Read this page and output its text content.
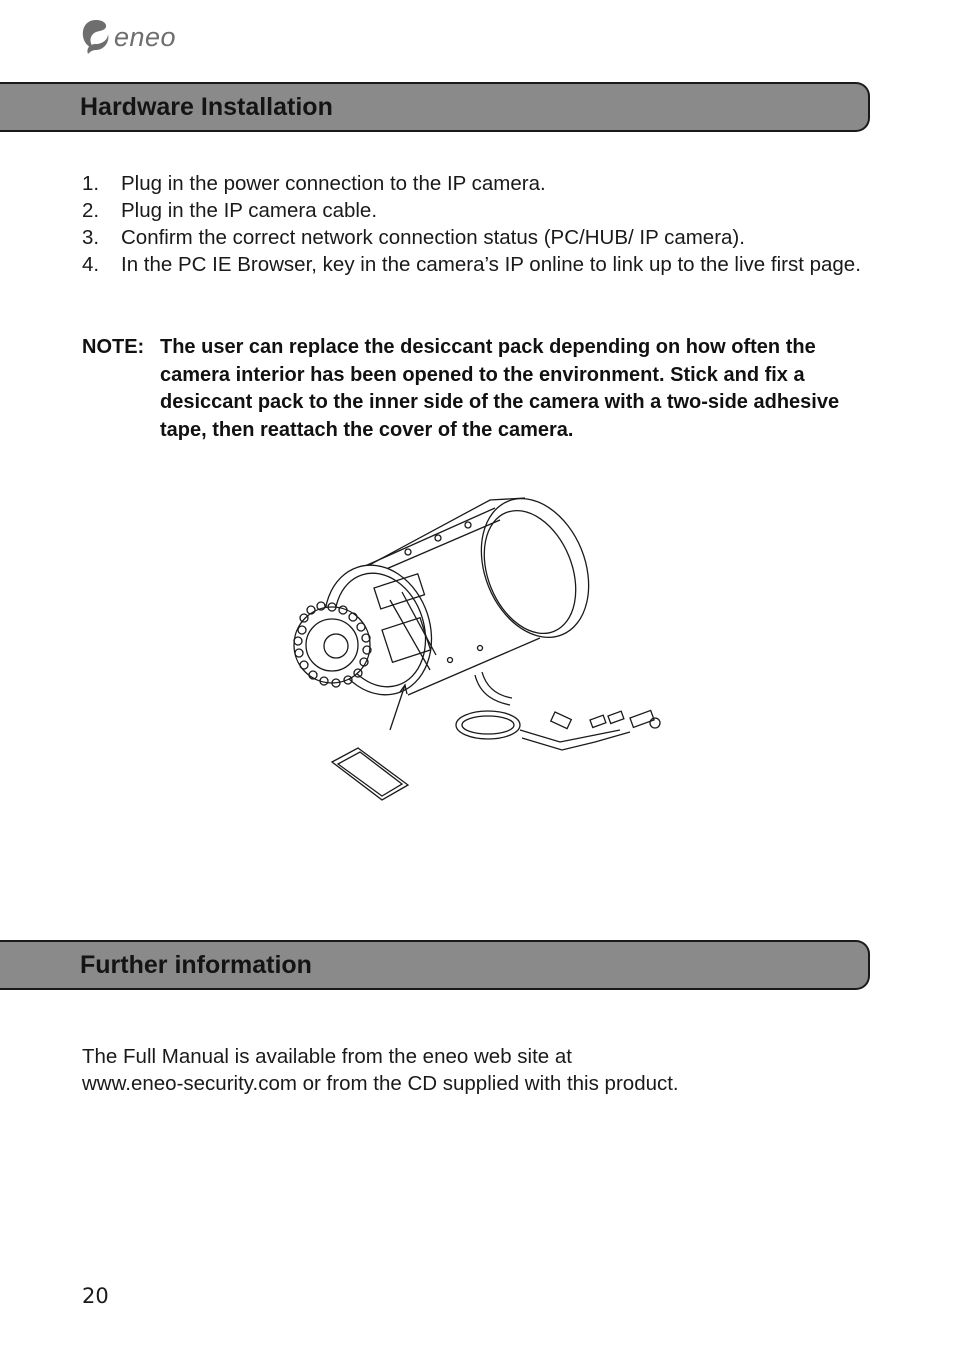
eneo
Hardware Installation
1. Plug in the power connection to the IP camera.
2. Plug in the IP camera cable.
3. Confirm the correct network connection status (PC/HUB/ IP camera).
4. In the PC IE Browser, key in the camera’s IP online to link up to the live first page.
NOTE: The user can replace the desiccant pack depending on how often the camera interior has been opened to the environment. Stick and fix a desiccant pack to the inner side of the camera with a two-side adhesive tape, then reattach the cover of the camera.
Further information
The Full Manual is available from the eneo web site at
www.eneo-security.com or from the CD supplied with this product.
20
